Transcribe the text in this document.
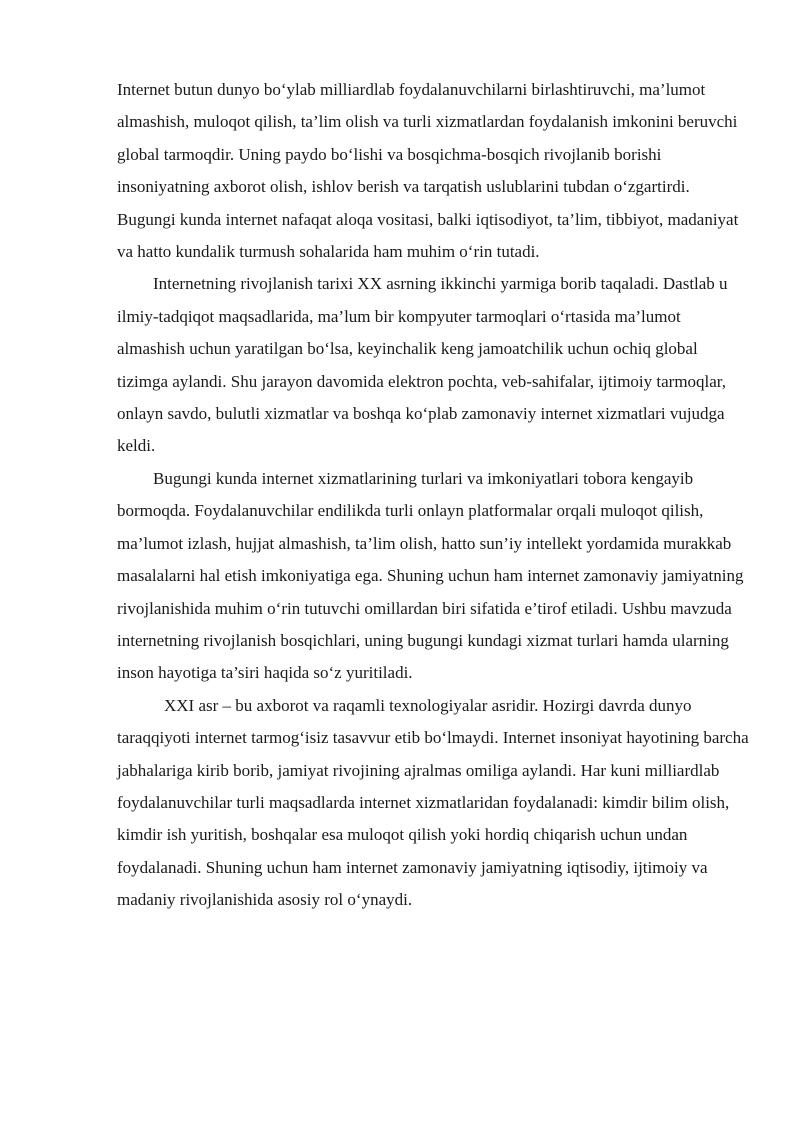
Internet butun dunyo bo‘ylab milliardlab foydalanuvchilarni birlashtiruvchi, ma’lumot almashish, muloqot qilish, ta’lim olish va turli xizmatlardan foydalanish imkonini beruvchi global tarmoqdir. Uning paydo bo‘lishi va bosqichma-bosqich rivojlanib borishi insoniyatning axborot olish, ishlov berish va tarqatish uslublarini tubdan o‘zgartirdi. Bugungi kunda internet nafaqat aloqa vositasi, balki iqtisodiyot, ta’lim, tibbiyot, madaniyat va hatto kundalik turmush sohalarida ham muhim o‘rin tutadi.

Internetning rivojlanish tarixi XX asrning ikkinchi yarmiga borib taqaladi. Dastlab u ilmiy-tadqiqot maqsadlarida, ma’lum bir kompyuter tarmoqlari o‘rtasida ma’lumot almashish uchun yaratilgan bo‘lsa, keyinchalik keng jamoatchilik uchun ochiq global tizimga aylandi. Shu jarayon davomida elektron pochta, veb-sahifalar, ijtimoiy tarmoqlar, onlayn savdo, bulutli xizmatlar va boshqa ko‘plab zamonaviy internet xizmatlari vujudga keldi.

Bugungi kunda internet xizmatlarining turlari va imkoniyatlari tobora kengayib bormoqda. Foydalanuvchilar endilikda turli onlayn platformalar orqali muloqot qilish, ma’lumot izlash, hujjat almashish, ta’lim olish, hatto sun’iy intellekt yordamida murakkab masalalarni hal etish imkoniyatiga ega. Shuning uchun ham internet zamonaviy jamiyatning rivojlanishida muhim o‘rin tutuvchi omillardan biri sifatida e’tirof etiladi. Ushbu mavzuda internetning rivojlanish bosqichlari, uning bugungi kundagi xizmat turlari hamda ularning inson hayotiga ta’siri haqida so‘z yuritiladi.

XXI asr – bu axborot va raqamli texnologiyalar asridir. Hozirgi davrda dunyo taraqqiyoti internet tarmog‘isiz tasavvur etib bo‘lmaydi. Internet insoniyat hayotining barcha jabhalariga kirib borib, jamiyat rivojining ajralmas omiliga aylandi. Har kuni milliardlab foydalanuvchilar turli maqsadlarda internet xizmatlaridan foydalanadi: kimdir bilim olish, kimdir ish yuritish, boshqalar esa muloqot qilish yoki hordiq chiqarish uchun undan foydalanadi. Shuning uchun ham internet zamonaviy jamiyatning iqtisodiy, ijtimoiy va madaniy rivojlanishida asosiy rol o‘ynaydi.
